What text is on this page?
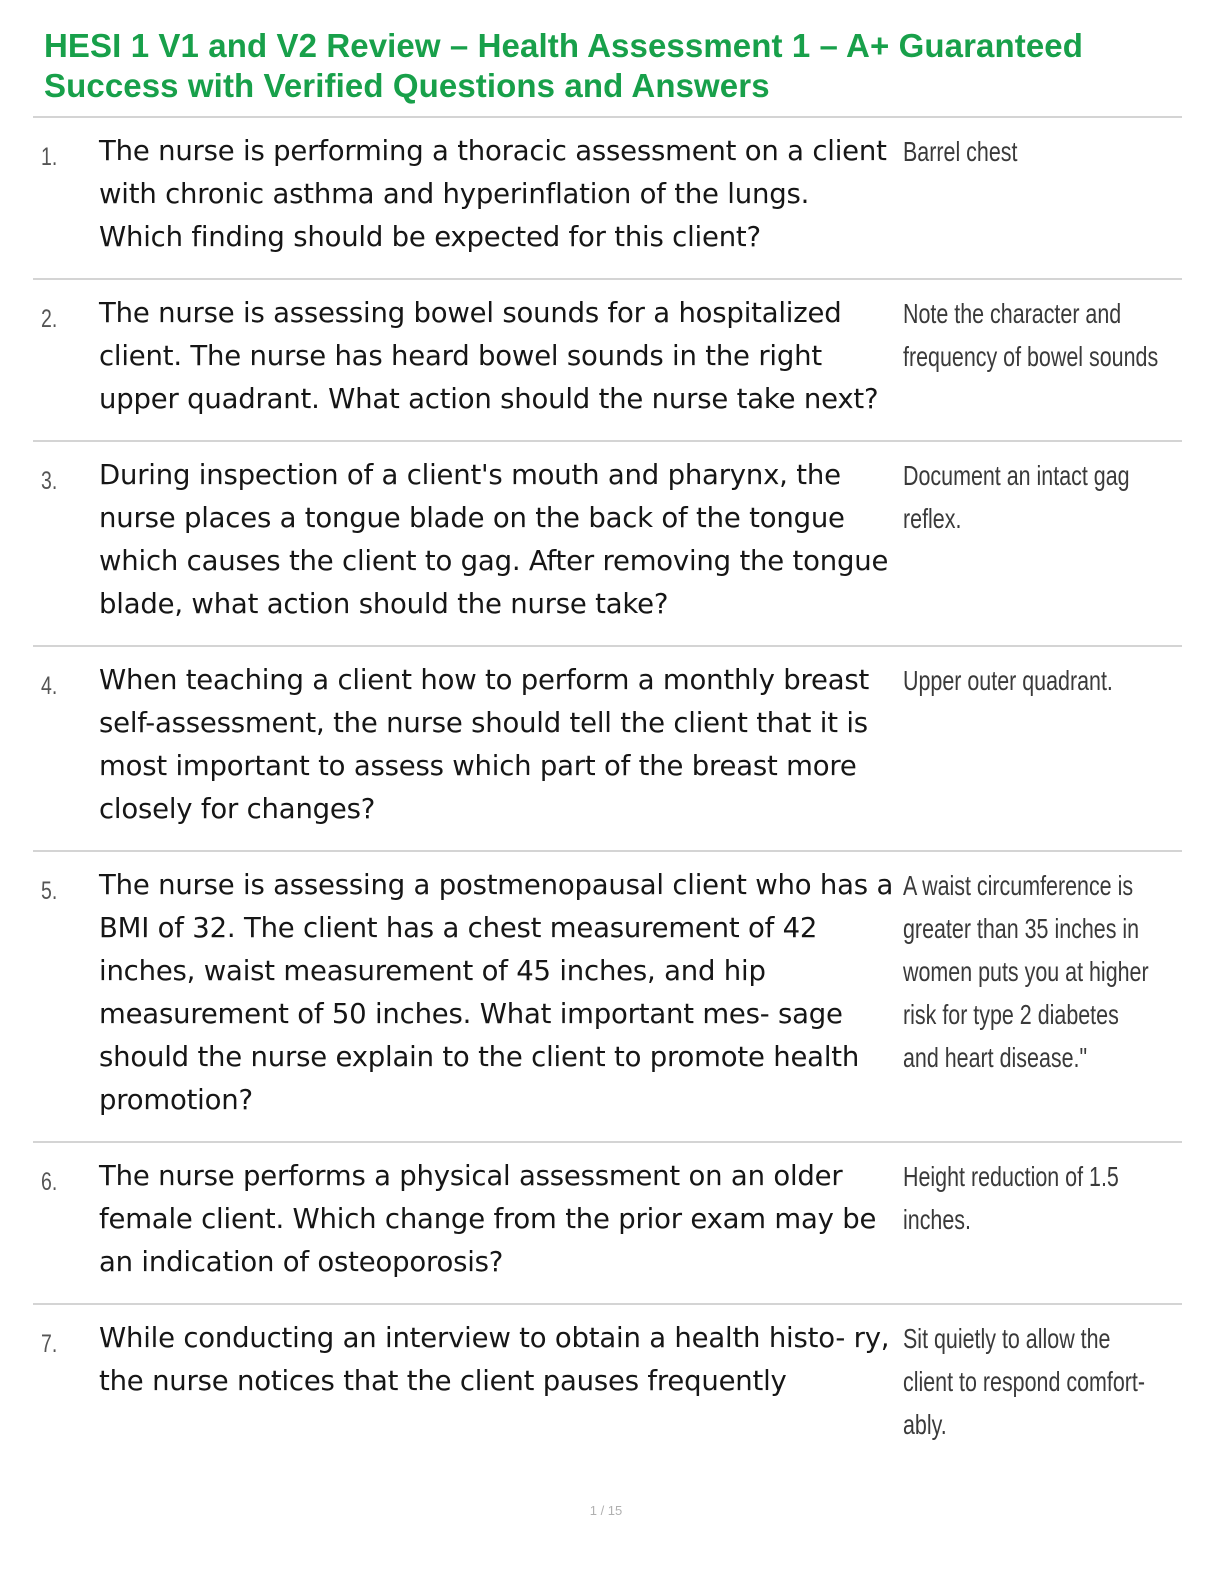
HESI 1 V1 and V2 Review – Health Assessment 1 – A+ Guaranteed
Success with Verified Questions and Answers
1. The nurse is performing a thoracic assessment on a client with chronic asthma and hyperinflation of the lungs. Which finding should be expected for this client?
Barrel chest
2. The nurse is assessing bowel sounds for a hospitalized client. The nurse has heard bowel sounds in the right upper quadrant. What action should the nurse take next?
Note the character and frequency of bowel sounds
3. During inspection of a client's mouth and pharynx, the nurse places a tongue blade on the back of the tongue which causes the client to gag. After removing the tongue blade, what action should the nurse take?
Document an intact gag reflex.
4. When teaching a client how to perform a monthly breast self-assessment, the nurse should tell the client that it is most important to assess which part of the breast more closely for changes?
Upper outer quadrant.
5. The nurse is assessing a postmenopausal client who has a BMI of 32. The client has a chest measurement of 42 inches, waist measurement of 45 inches, and hip measurement of 50 inches. What important mes- sage should the nurse explain to the client to promote health promotion?
A waist circumference is greater than 35 inches in women puts you at higher risk for type 2 diabetes and heart disease."
6. The nurse performs a physical assessment on an older female client. Which change from the prior exam may be an indication of osteoporosis?
Height reduction of 1.5 inches.
7. While conducting an interview to obtain a health histo- ry, the nurse notices that the client pauses frequently
Sit quietly to allow the client to respond comfort- ably.
1 / 15
